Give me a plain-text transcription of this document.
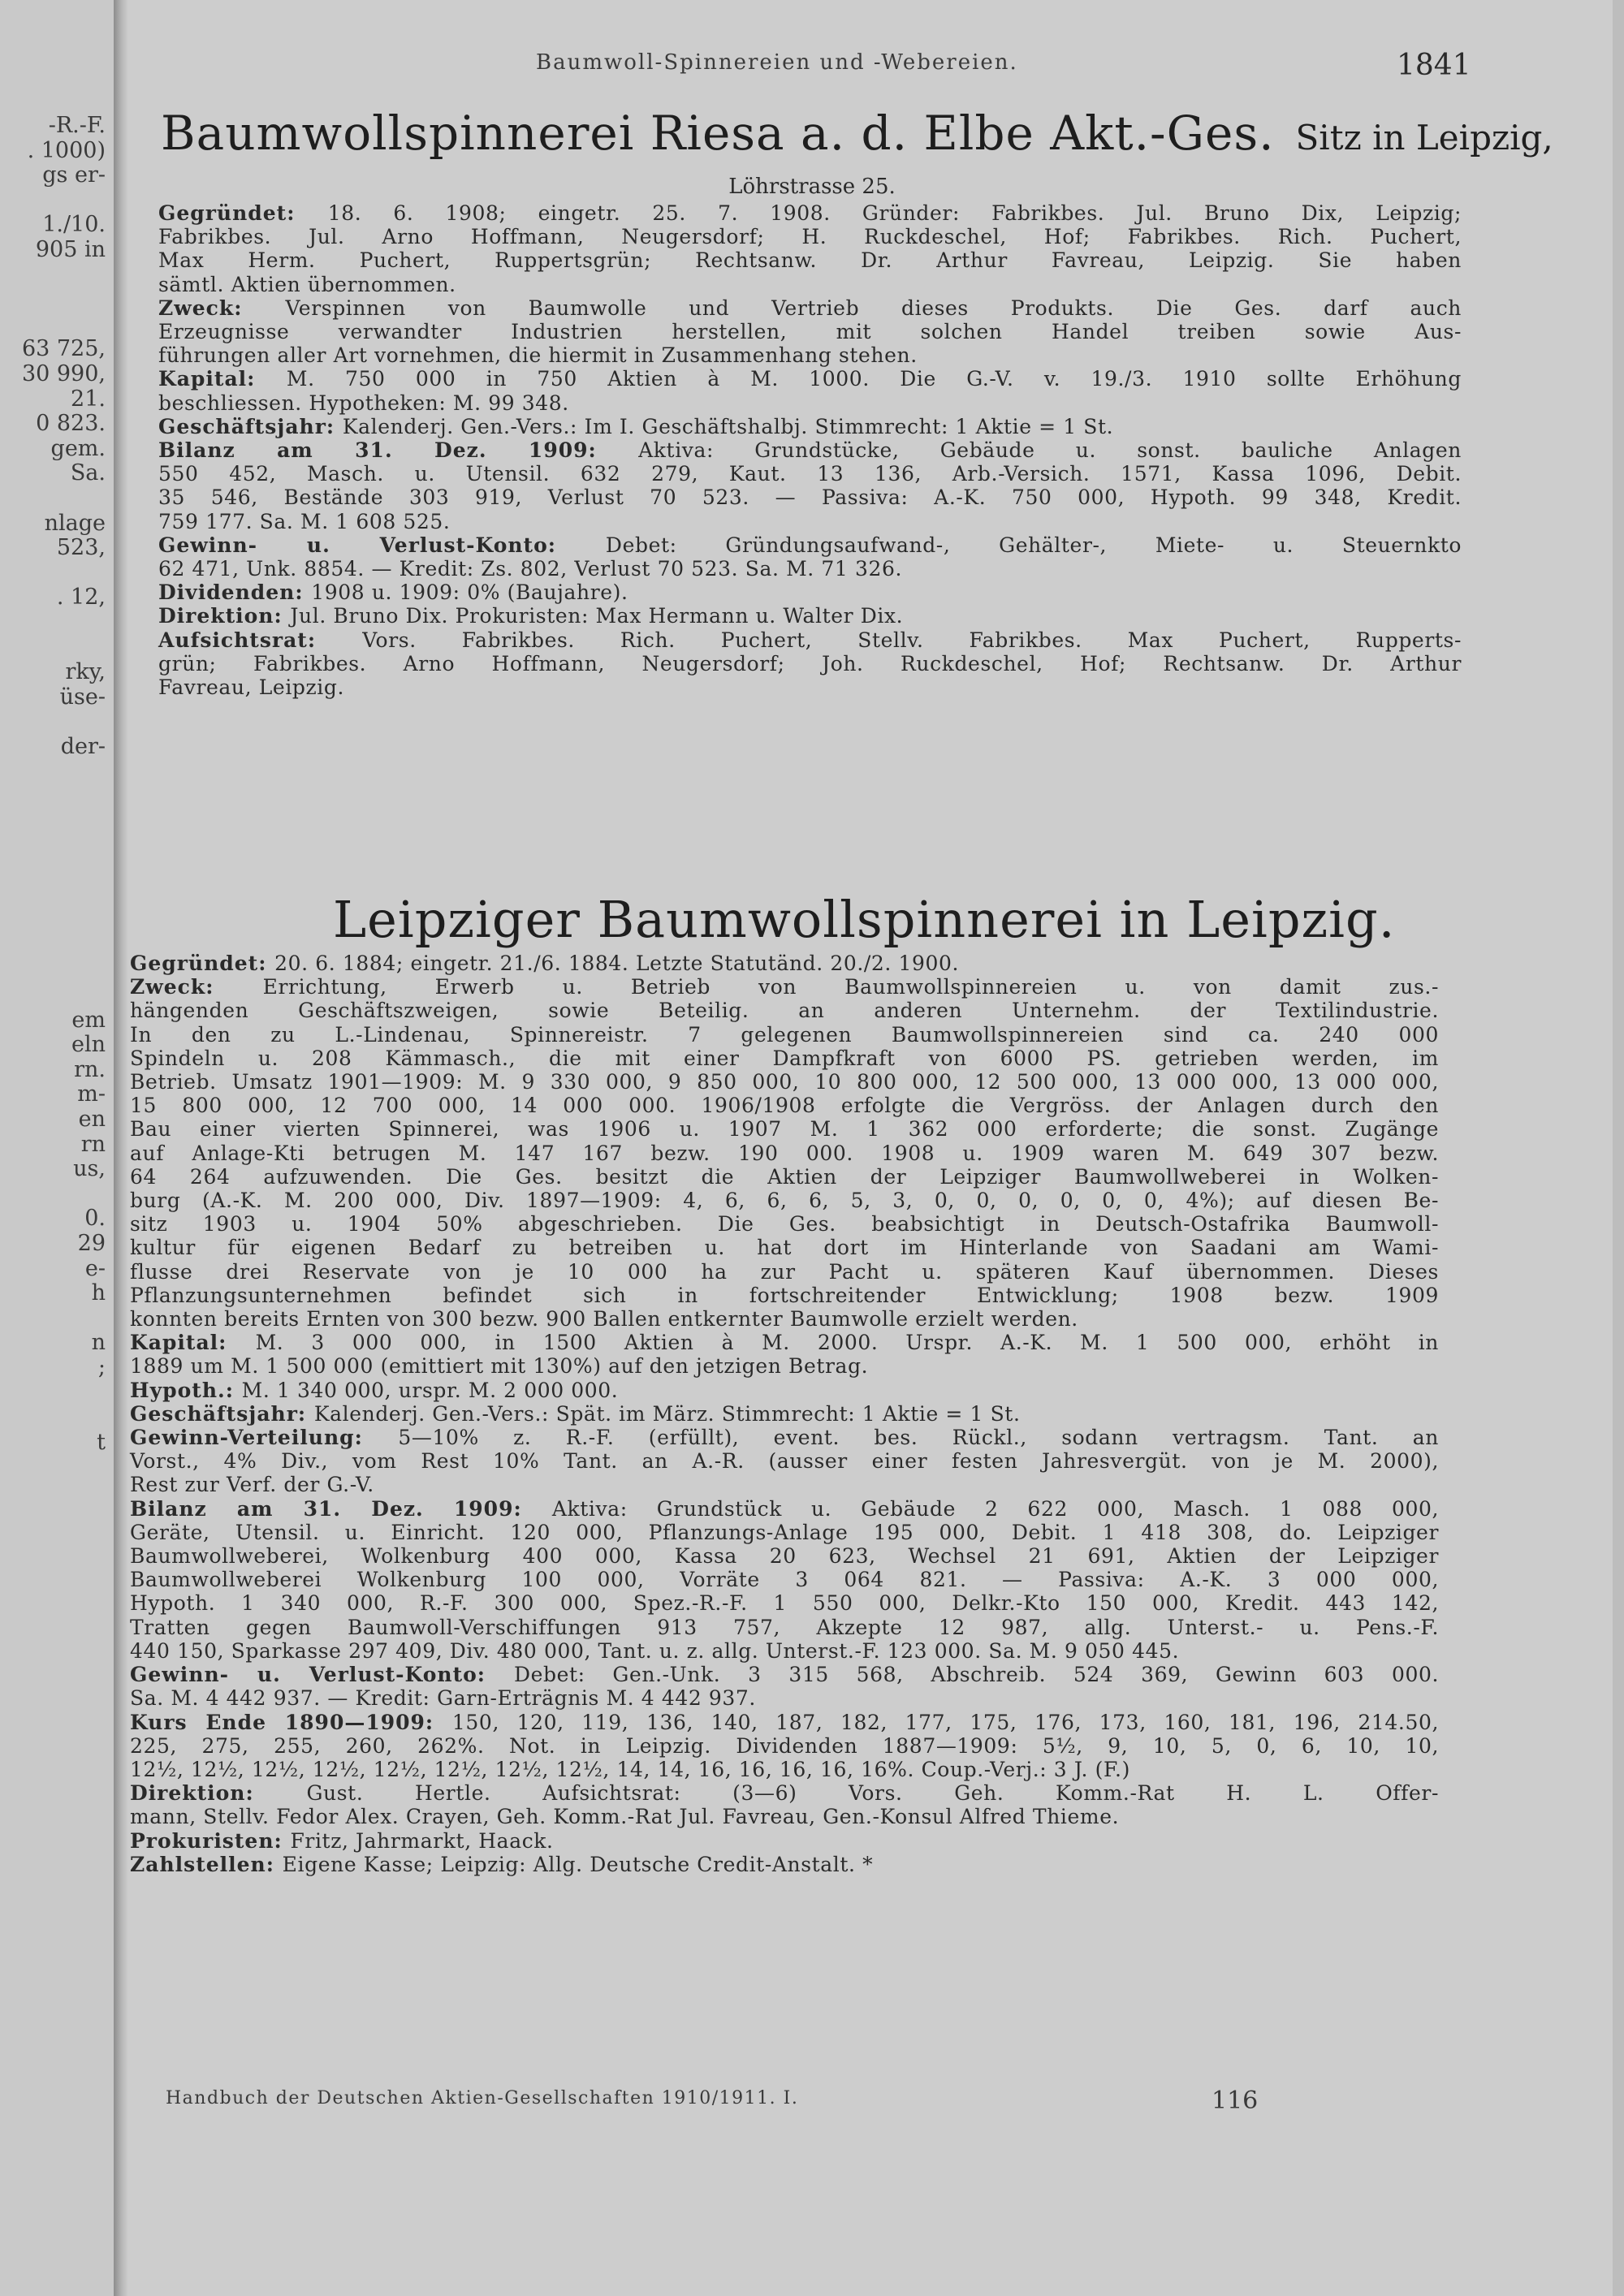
-R.-F.
. 1000)
gs er-
1./10.
905 in
63 725,
30 990,
21.
0 823.
gem.
Sa.
nlage
523,
. 12,
rky,
üse-
der-
em
eln
rn.
m-
en
rn
us,
0.
29
e-
h
n
;
t
Baumwoll-Spinnereien und -Webereien.	1841
Baumwollspinnerei Riesa a. d. Elbe Akt.-Ges. Sitz in Leipzig,
Löhrstrasse 25.
Gegründet: 18. 6. 1908; eingetr. 25. 7. 1908. Gründer: Fabrikbes. Jul. Bruno Dix, Leipzig;
Fabrikbes. Jul. Arno Hoffmann, Neugersdorf; H. Ruckdeschel, Hof; Fabrikbes. Rich. Puchert,
Max Herm. Puchert, Ruppertsgrün; Rechtsanw. Dr. Arthur Favreau, Leipzig. Sie haben
sämtl. Aktien übernommen.
Zweck: Verspinnen von Baumwolle und Vertrieb dieses Produkts. Die Ges. darf auch
Erzeugnisse verwandter Industrien herstellen, mit solchen Handel treiben sowie Aus-
führungen aller Art vornehmen, die hiermit in Zusammenhang stehen.
Kapital: M. 750 000 in 750 Aktien à M. 1000. Die G.-V. v. 19./3. 1910 sollte Erhöhung
beschliessen. Hypotheken: M. 99 348.
Geschäftsjahr: Kalenderj. Gen.-Vers.: Im I. Geschäftshalbj. Stimmrecht: 1 Aktie = 1 St.
Bilanz am 31. Dez. 1909: Aktiva: Grundstücke, Gebäude u. sonst. bauliche Anlagen
550 452, Masch. u. Utensil. 632 279, Kaut. 13 136, Arb.-Versich. 1571, Kassa 1096, Debit.
35 546, Bestände 303 919, Verlust 70 523. — Passiva: A.-K. 750 000, Hypoth. 99 348, Kredit.
759 177. Sa. M. 1 608 525.
Gewinn- u. Verlust-Konto: Debet: Gründungsaufwand-, Gehälter-, Miete- u. Steuernkto
62 471, Unk. 8854. — Kredit: Zs. 802, Verlust 70 523. Sa. M. 71 326.
Dividenden: 1908 u. 1909: 0% (Baujahre).
Direktion: Jul. Bruno Dix. Prokuristen: Max Hermann u. Walter Dix.
Aufsichtsrat: Vors. Fabrikbes. Rich. Puchert, Stellv. Fabrikbes. Max Puchert, Rupperts-
grün; Fabrikbes. Arno Hoffmann, Neugersdorf; Joh. Ruckdeschel, Hof; Rechtsanw. Dr. Arthur
Favreau, Leipzig.
Leipziger Baumwollspinnerei in Leipzig.
Gegründet: 20. 6. 1884; eingetr. 21./6. 1884. Letzte Statutänd. 20./2. 1900.
Zweck: Errichtung, Erwerb u. Betrieb von Baumwollspinnereien u. von damit zus.-
hängenden Geschäftszweigen, sowie Beteilig. an anderen Unternehm. der Textilindustrie.
In den zu L.-Lindenau, Spinnereistr. 7 gelegenen Baumwollspinnereien sind ca. 240 000
Spindeln u. 208 Kämmasch., die mit einer Dampfkraft von 6000 PS. getrieben werden, im
Betrieb. Umsatz 1901—1909: M. 9 330 000, 9 850 000, 10 800 000, 12 500 000, 13 000 000, 13 000 000,
15 800 000, 12 700 000, 14 000 000. 1906/1908 erfolgte die Vergröss. der Anlagen durch den
Bau einer vierten Spinnerei, was 1906 u. 1907 M. 1 362 000 erforderte; die sonst. Zugänge
auf Anlage-Kti betrugen M. 147 167 bezw. 190 000. 1908 u. 1909 waren M. 649 307 bezw.
64 264 aufzuwenden. Die Ges. besitzt die Aktien der Leipziger Baumwollweberei in Wolken-
burg (A.-K. M. 200 000, Div. 1897—1909: 4, 6, 6, 6, 5, 3, 0, 0, 0, 0, 0, 0, 4%); auf diesen Be-
sitz 1903 u. 1904 50% abgeschrieben. Die Ges. beabsichtigt in Deutsch-Ostafrika Baumwoll-
kultur für eigenen Bedarf zu betreiben u. hat dort im Hinterlande von Saadani am Wami-
flusse drei Reservate von je 10 000 ha zur Pacht u. späteren Kauf übernommen. Dieses
Pflanzungsunternehmen befindet sich in fortschreitender Entwicklung; 1908 bezw. 1909
konnten bereits Ernten von 300 bezw. 900 Ballen entkernter Baumwolle erzielt werden.
Kapital: M. 3 000 000, in 1500 Aktien à M. 2000. Urspr. A.-K. M. 1 500 000, erhöht in
1889 um M. 1 500 000 (emittiert mit 130%) auf den jetzigen Betrag.
Hypoth.: M. 1 340 000, urspr. M. 2 000 000.
Geschäftsjahr: Kalenderj. Gen.-Vers.: Spät. im März. Stimmrecht: 1 Aktie = 1 St.
Gewinn-Verteilung: 5—10% z. R.-F. (erfüllt), event. bes. Rückl., sodann vertragsm. Tant. an
Vorst., 4% Div., vom Rest 10% Tant. an A.-R. (ausser einer festen Jahresvergüt. von je M. 2000),
Rest zur Verf. der G.-V.
Bilanz am 31. Dez. 1909: Aktiva: Grundstück u. Gebäude 2 622 000, Masch. 1 088 000,
Geräte, Utensil. u. Einricht. 120 000, Pflanzungs-Anlage 195 000, Debit. 1 418 308, do. Leipziger
Baumwollweberei, Wolkenburg 400 000, Kassa 20 623, Wechsel 21 691, Aktien der Leipziger
Baumwollweberei Wolkenburg 100 000, Vorräte 3 064 821. — Passiva: A.-K. 3 000 000,
Hypoth. 1 340 000, R.-F. 300 000, Spez.-R.-F. 1 550 000, Delkr.-Kto 150 000, Kredit. 443 142,
Tratten gegen Baumwoll-Verschiffungen 913 757, Akzepte 12 987, allg. Unterst.- u. Pens.-F.
440 150, Sparkasse 297 409, Div. 480 000, Tant. u. z. allg. Unterst.-F. 123 000. Sa. M. 9 050 445.
Gewinn- u. Verlust-Konto: Debet: Gen.-Unk. 3 315 568, Abschreib. 524 369, Gewinn 603 000.
Sa. M. 4 442 937. — Kredit: Garn-Erträgnis M. 4 442 937.
Kurs Ende 1890—1909: 150, 120, 119, 136, 140, 187, 182, 177, 175, 176, 173, 160, 181, 196, 214.50,
225, 275, 255, 260, 262%. Not. in Leipzig. Dividenden 1887—1909: 5½, 9, 10, 5, 0, 6, 10, 10,
12½, 12½, 12½, 12½, 12½, 12½, 12½, 12½, 14, 14, 16, 16, 16, 16, 16%. Coup.-Verj.: 3 J. (F.)
Direktion: Gust. Hertle. Aufsichtsrat: (3—6) Vors. Geh. Komm.-Rat H. L. Offer-
mann, Stellv. Fedor Alex. Crayen, Geh. Komm.-Rat Jul. Favreau, Gen.-Konsul Alfred Thieme.
Prokuristen: Fritz, Jahrmarkt, Haack.
Zahlstellen: Eigene Kasse; Leipzig: Allg. Deutsche Credit-Anstalt. *
Handbuch der Deutschen Aktien-Gesellschaften 1910/1911. I.	116
